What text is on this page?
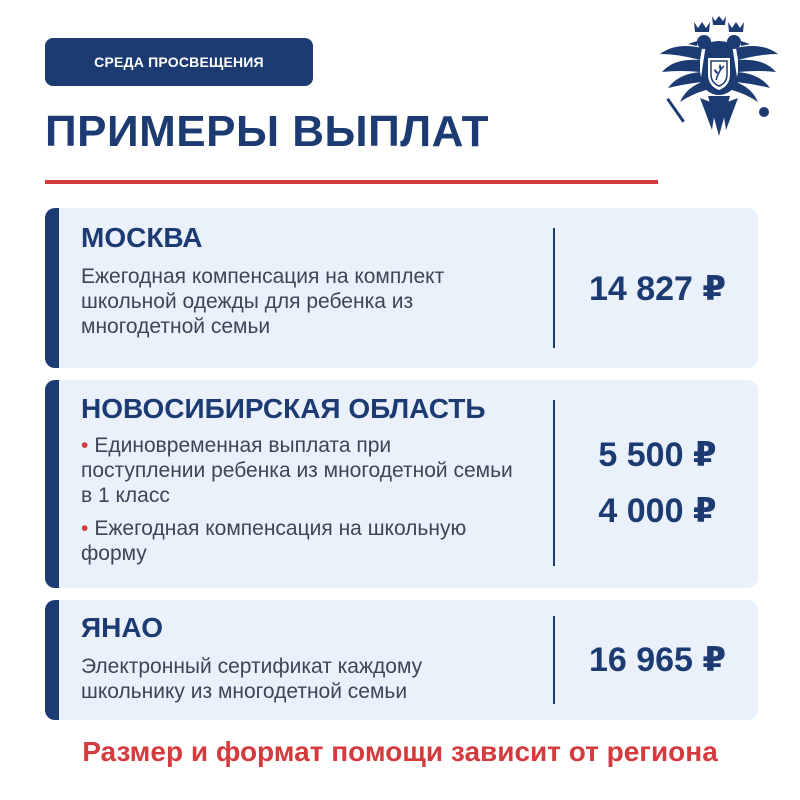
СРЕДА ПРОСВЕЩЕНИЯ
ПРИМЕРЫ ВЫПЛАТ
МОСКВА

Ежегодная компенсация на комплект школьной одежды для ребенка из многодетной семьи

14 827 ₽
НОВОСИБИРСКАЯ ОБЛАСТЬ

• Единовременная выплата при поступлении ребенка из многодетной семьи в 1 класс

• Ежегодная компенсация на школьную форму

5 500 ₽
4 000 ₽
ЯНАО

Электронный сертификат каждому школьнику из многодетной семьи

16 965 ₽

Размер и формат помощи зависит от региона
